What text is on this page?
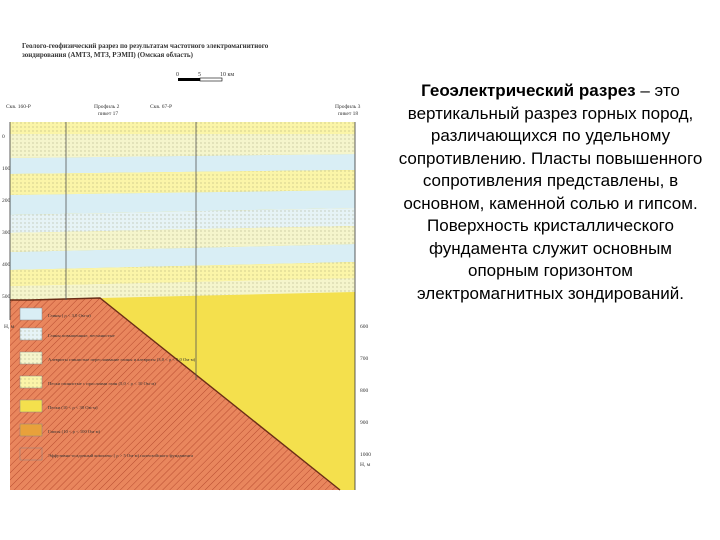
Геолого-геофизический разрез по результатам частотного электромагнитного
зондирования (АМТЗ, МТЗ, РЭМП) (Омская область)
0	5	10 км
Скв. 160-Р	Профиль 2
пикет 17
Скв. 67-Р	Профиль 3
пикет 18
0
100
200
300
400
500
Н, м	600
700
800
900
1000
Н, м
Глины ( ρ < 3,0 Ом·м)
Глины повышенные, песчанистые
Алевриты глинистые переслаивание глины и алевриты (3,0 < ρ < 5,0 Ом·м)
Пески глинистые с прослоями глин (5,0 < ρ < 10 Ом·м)
Пески (10 < ρ < 30 Ом·м)
Гипсы (10 < ρ < 100 Ом·м)
Эффузивно-осадочный комплекс ( ρ > 5 Ом·м) палеозойского фундамента
Геоэлектрический разрез – это вертикальный разрез горных пород, различающихся по удельному сопротивлению. Пласты повышенного сопротивления представлены, в основном, каменной солью и гипсом. Поверхность кристаллического фундамента служит основным опорным горизонтом электромагнитных зондирований.
